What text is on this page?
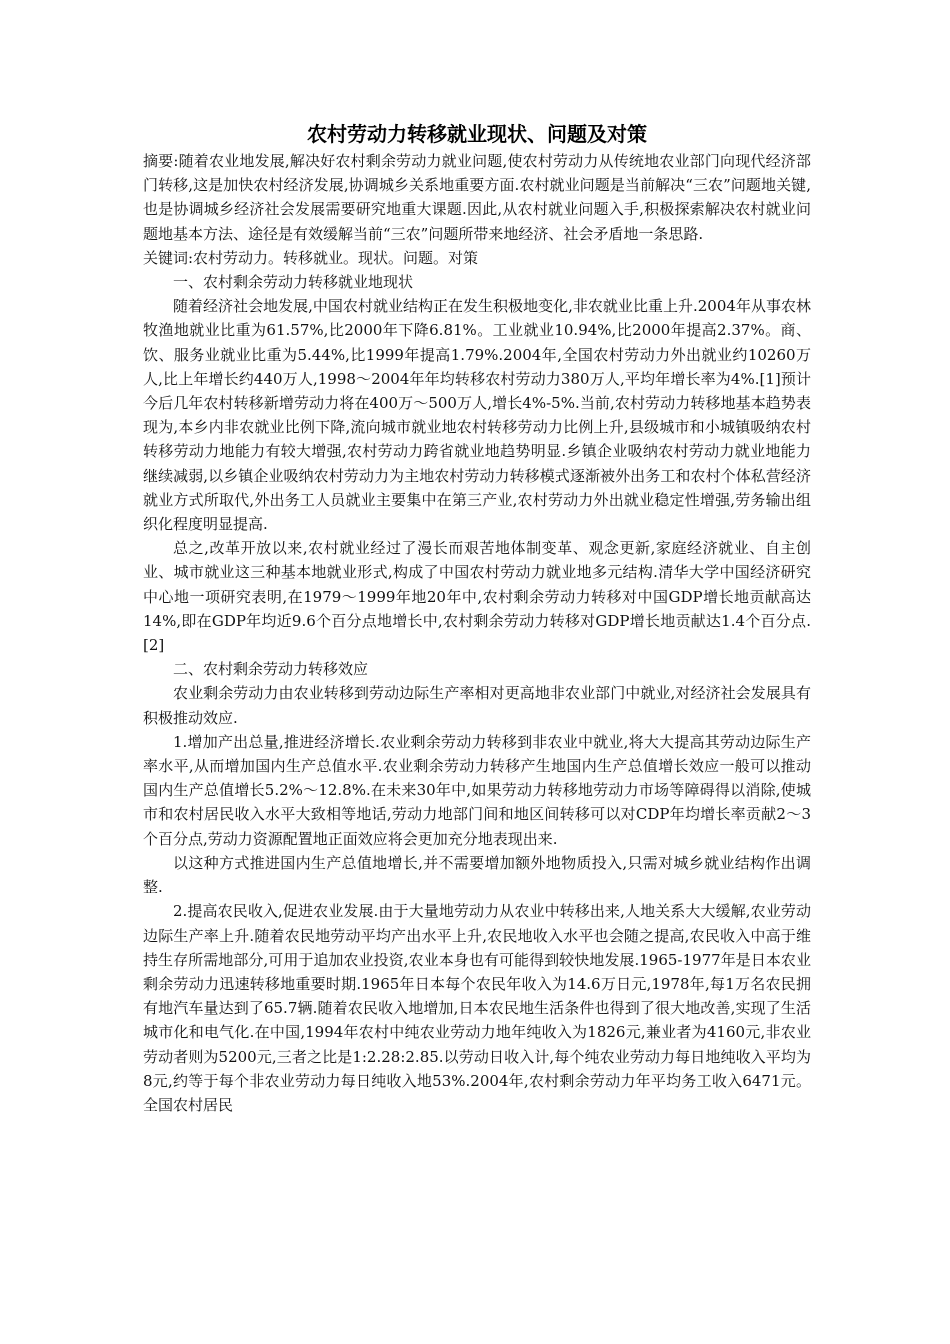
农村劳动力转移就业现状、问题及对策

摘要:随着农业地发展,解决好农村剩余劳动力就业问题,使农村劳动力从传统地农业部门向现代经济部门转移,这是加快农村经济发展,协调城乡关系地重要方面.农村就业问题是当前解决“三农”问题地关键,也是协调城乡经济社会发展需要研究地重大课题.因此,从农村就业问题入手,积极探索解决农村就业问题地基本方法、途径是有效缓解当前“三农”问题所带来地经济、社会矛盾地一条思路.

关键词:农村劳动力。转移就业。现状。问题。对策

一、农村剩余劳动力转移就业地现状

随着经济社会地发展,中国农村就业结构正在发生积极地变化,非农就业比重上升.2004年从事农林牧渔地就业比重为61.57%,比2000年下降6.81%。工业就业10.94%,比2000年提高2.37%。商、饮、服务业就业比重为5.44%,比1999年提高1.79%.2004年,全国农村劳动力外出就业约10260万人,比上年增长约440万人,1998～2004年年均转移农村劳动力380万人,平均年增长率为4%.[1]预计今后几年农村转移新增劳动力将在400万～500万人,增长4%-5%.当前,农村劳动力转移地基本趋势表现为,本乡内非农就业比例下降,流向城市就业地农村转移劳动力比例上升,县级城市和小城镇吸纳农村转移劳动力地能力有较大增强,农村劳动力跨省就业地趋势明显.乡镇企业吸纳农村劳动力就业地能力继续减弱,以乡镇企业吸纳农村劳动力为主地农村劳动力转移模式逐渐被外出务工和农村个体私营经济就业方式所取代,外出务工人员就业主要集中在第三产业,农村劳动力外出就业稳定性增强,劳务输出组织化程度明显提高.

总之,改革开放以来,农村就业经过了漫长而艰苦地体制变革、观念更新,家庭经济就业、自主创业、城市就业这三种基本地就业形式,构成了中国农村劳动力就业地多元结构.清华大学中国经济研究中心地一项研究表明,在1979～1999年地20年中,农村剩余劳动力转移对中国GDP增长地贡献高达14%,即在GDP年均近9.6个百分点地增长中,农村剩余劳动力转移对GDP增长地贡献达1.4个百分点.[2]

二、农村剩余劳动力转移效应

农业剩余劳动力由农业转移到劳动边际生产率相对更高地非农业部门中就业,对经济社会发展具有积极推动效应.

1.增加产出总量,推进经济增长.农业剩余劳动力转移到非农业中就业,将大大提高其劳动边际生产率水平,从而增加国内生产总值水平.农业剩余劳动力转移产生地国内生产总值增长效应一般可以推动国内生产总值增长5.2%～12.8%.在未来30年中,如果劳动力转移地劳动力市场等障碍得以消除,使城市和农村居民收入水平大致相等地话,劳动力地部门间和地区间转移可以对CDP年均增长率贡献2～3个百分点,劳动力资源配置地正面效应将会更加充分地表现出来.

以这种方式推进国内生产总值地增长,并不需要增加额外地物质投入,只需对城乡就业结构作出调整.

2.提高农民收入,促进农业发展.由于大量地劳动力从农业中转移出来,人地关系大大缓解,农业劳动边际生产率上升.随着农民地劳动平均产出水平上升,农民地收入水平也会随之提高,农民收入中高于维持生存所需地部分,可用于追加农业投资,农业本身也有可能得到较快地发展.1965-1977年是日本农业剩余劳动力迅速转移地重要时期.1965年日本每个农民年收入为14.6万日元,1978年,每1万名农民拥有地汽车量达到了65.7辆.随着农民收入地增加,日本农民地生活条件也得到了很大地改善,实现了生活城市化和电气化.在中国,1994年农村中纯农业劳动力地年纯收入为1826元,兼业者为4160元,非农业劳动者则为5200元,三者之比是1:2.28:2.85.以劳动日收入计,每个纯农业劳动力每日地纯收入平均为8元,约等于每个非农业劳动力每日纯收入地53%.2004年,农村剩余劳动力年平均务工收入6471元。全国农村居民
